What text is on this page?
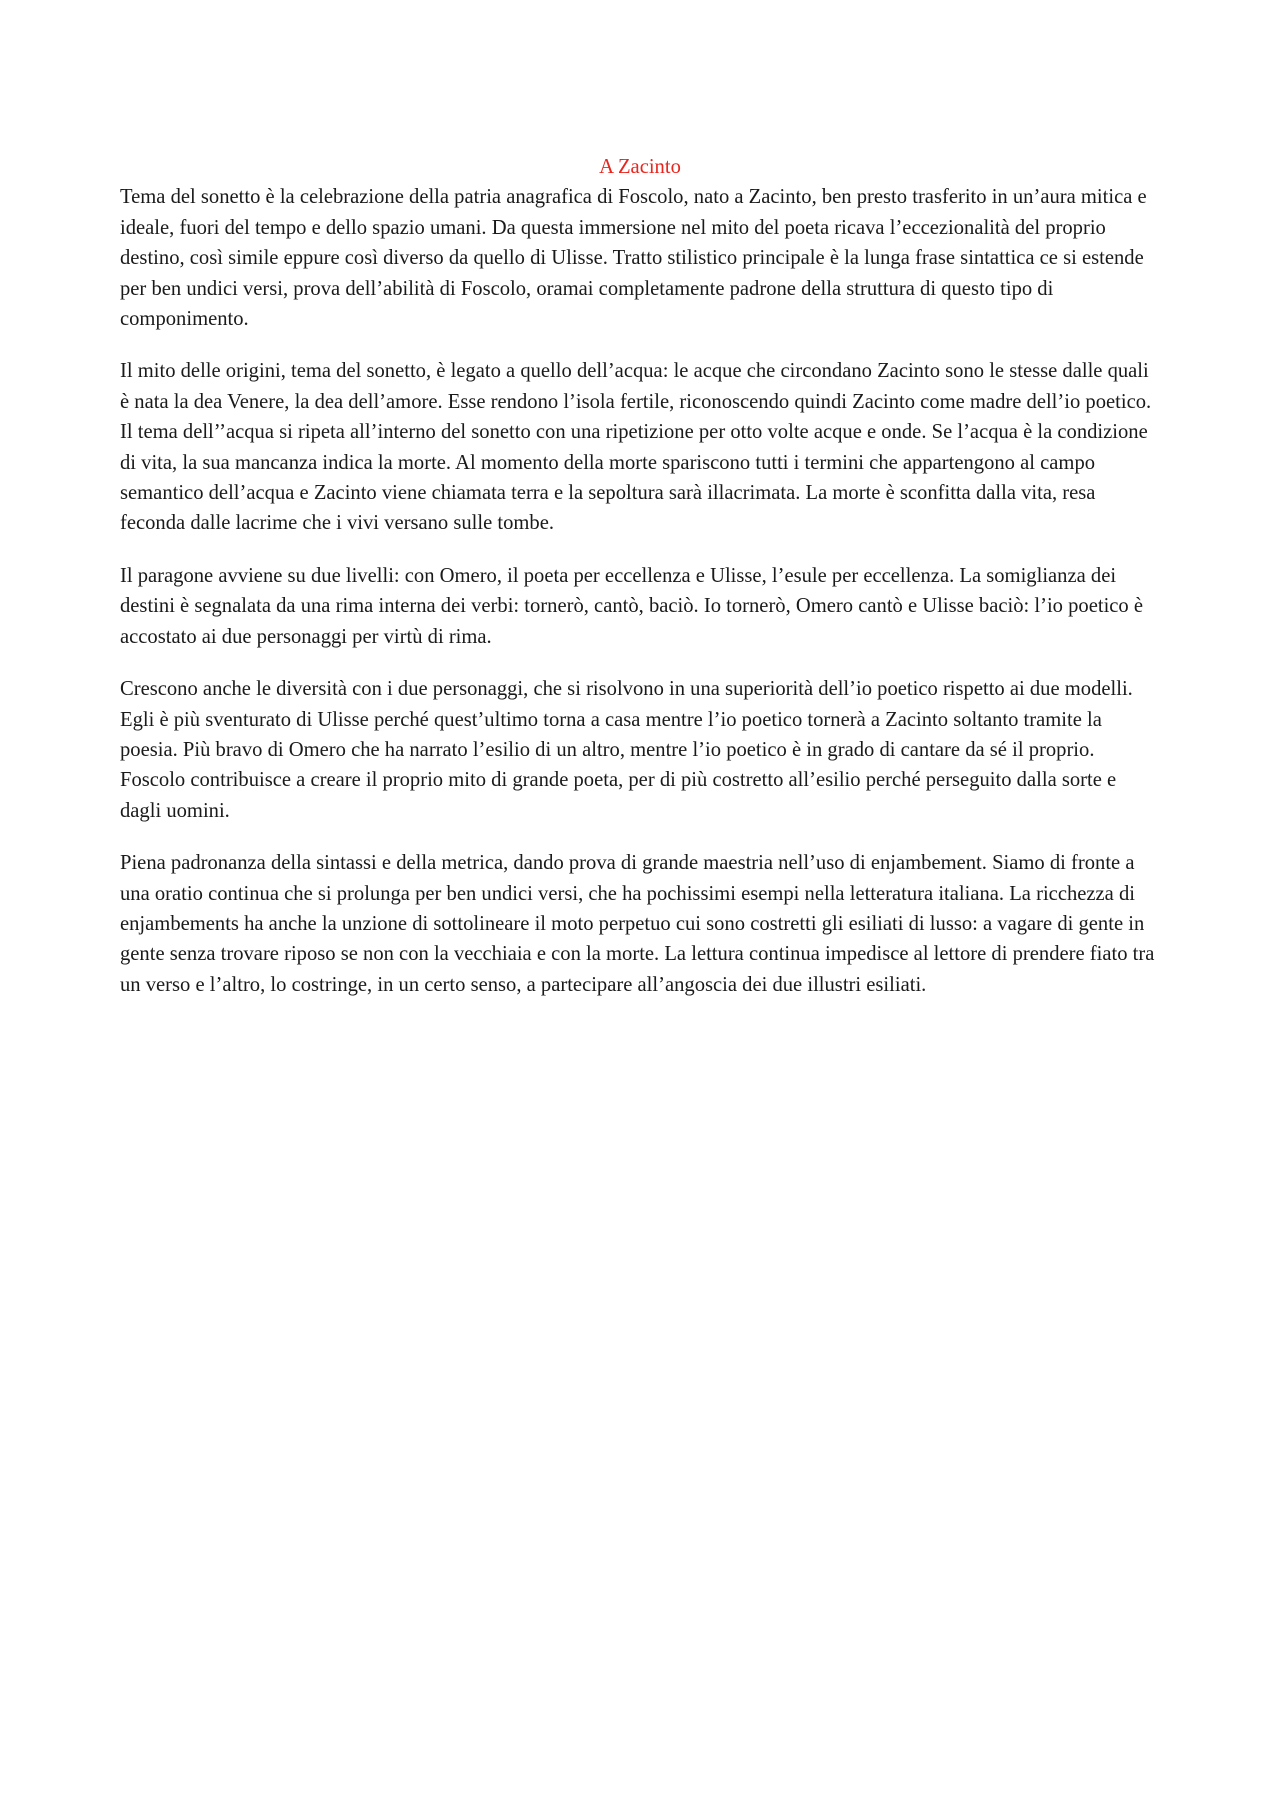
A Zacinto

Tema del sonetto è la celebrazione della patria anagrafica di Foscolo, nato a Zacinto, ben presto trasferito in un’aura mitica e ideale, fuori del tempo e dello spazio umani. Da questa immersione nel mito del poeta ricava l’eccezionalità del proprio destino, così simile eppure così diverso da quello di Ulisse. Tratto stilistico principale è la lunga frase sintattica ce si estende per ben undici versi, prova dell’abilità di Foscolo, oramai completamente padrone della struttura di questo tipo di componimento.

Il mito delle origini, tema del sonetto, è legato a quello dell’acqua: le acque che circondano Zacinto sono le stesse dalle quali è nata la dea Venere, la dea dell’amore. Esse rendono l’isola fertile, riconoscendo quindi Zacinto come madre dell’io poetico. Il tema dell’’acqua si ripeta all’interno del sonetto con una ripetizione per otto volte acque e onde. Se l’acqua è la condizione di vita, la sua mancanza indica la morte. Al momento della morte spariscono tutti i termini che appartengono al campo semantico dell’acqua e Zacinto viene chiamata terra e la sepoltura sarà illacrimata. La morte è sconfitta dalla vita, resa feconda dalle lacrime che i vivi versano sulle tombe.

Il paragone avviene su due livelli: con Omero, il poeta per eccellenza e Ulisse, l’esule per eccellenza. La somiglianza dei destini è segnalata da una rima interna dei verbi: tornerò, cantò, baciò. Io tornerò, Omero cantò e Ulisse baciò: l’io poetico è accostato ai due personaggi per virtù di rima.

Crescono anche le diversità con i due personaggi, che si risolvono in una superiorità dell’io poetico rispetto ai due modelli. Egli è più sventurato di Ulisse perché quest’ultimo torna a casa mentre l’io poetico tornerà a Zacinto soltanto tramite la poesia. Più bravo di Omero che ha narrato l’esilio di un altro, mentre l’io poetico è in grado di cantare da sé il proprio. Foscolo contribuisce a creare il proprio mito di grande poeta, per di più costretto all’esilio perché perseguito dalla sorte e dagli uomini.

Piena padronanza della sintassi e della metrica, dando prova di grande maestria nell’uso di enjambement. Siamo di fronte a una oratio continua che si prolunga per ben undici versi, che ha pochissimi esempi nella letteratura italiana. La ricchezza di enjambements ha anche la unzione di sottolineare il moto perpetuo cui sono costretti gli esiliati di lusso: a vagare di gente in gente senza trovare riposo se non con la vecchiaia e con la morte. La lettura continua impedisce al lettore di prendere fiato tra un verso e l’altro, lo costringe, in un certo senso, a partecipare all’angoscia dei due illustri esiliati.
